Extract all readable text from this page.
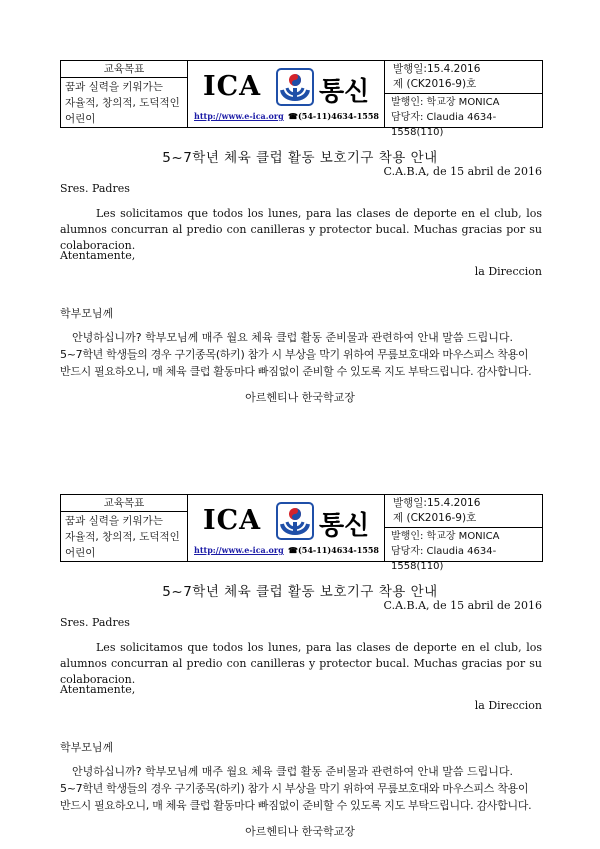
교육목표
꿈과 실력을 키워가는
자율적, 창의적, 도덕적인
어린이
ICA 통신
http://www.e-ica.org ☎(54-11)4634-1558
발행일:15.4.2016
제 (CK2016-9)호
발행인: 학교장 MONICA
담당자: Claudia 4634-1558(110)
5~7학년 체육 클럽 활동 보호기구 착용 안내
C.A.B.A, de 15 abril de 2016
Sres. Padres
Les solicitamos que todos los lunes, para las clases de deporte en el club, los alumnos concurran al predio con canilleras y protector bucal. Muchas gracias por su colaboracion.
Atentamente,
la Direccion
학부모님께
안녕하십니까? 학부모님께 매주 월요 체육 클럽 활동 준비물과 관련하여 안내 말씀 드립니다.
5~7학년 학생들의 경우 구기종목(하키) 참가 시 부상을 막기 위하여 무릎보호대와 마우스피스 착용이
반드시 필요하오니, 매 체육 클럽 활동마다 빠짐없이 준비할 수 있도록 지도 부탁드립니다. 감사합니다.
아르헨티나 한국학교장
교육목표
꿈과 실력을 키워가는
자율적, 창의적, 도덕적인
어린이
ICA 통신
http://www.e-ica.org ☎(54-11)4634-1558
발행일:15.4.2016
제 (CK2016-9)호
발행인: 학교장 MONICA
담당자: Claudia 4634-1558(110)
5~7학년 체육 클럽 활동 보호기구 착용 안내
C.A.B.A, de 15 abril de 2016
Sres. Padres
Les solicitamos que todos los lunes, para las clases de deporte en el club, los alumnos concurran al predio con canilleras y protector bucal. Muchas gracias por su colaboracion.
Atentamente,
la Direccion
학부모님께
안녕하십니까? 학부모님께 매주 월요 체육 클럽 활동 준비물과 관련하여 안내 말씀 드립니다.
5~7학년 학생들의 경우 구기종목(하키) 참가 시 부상을 막기 위하여 무릎보호대와 마우스피스 착용이
반드시 필요하오니, 매 체육 클럽 활동마다 빠짐없이 준비할 수 있도록 지도 부탁드립니다. 감사합니다.
아르헨티나 한국학교장
